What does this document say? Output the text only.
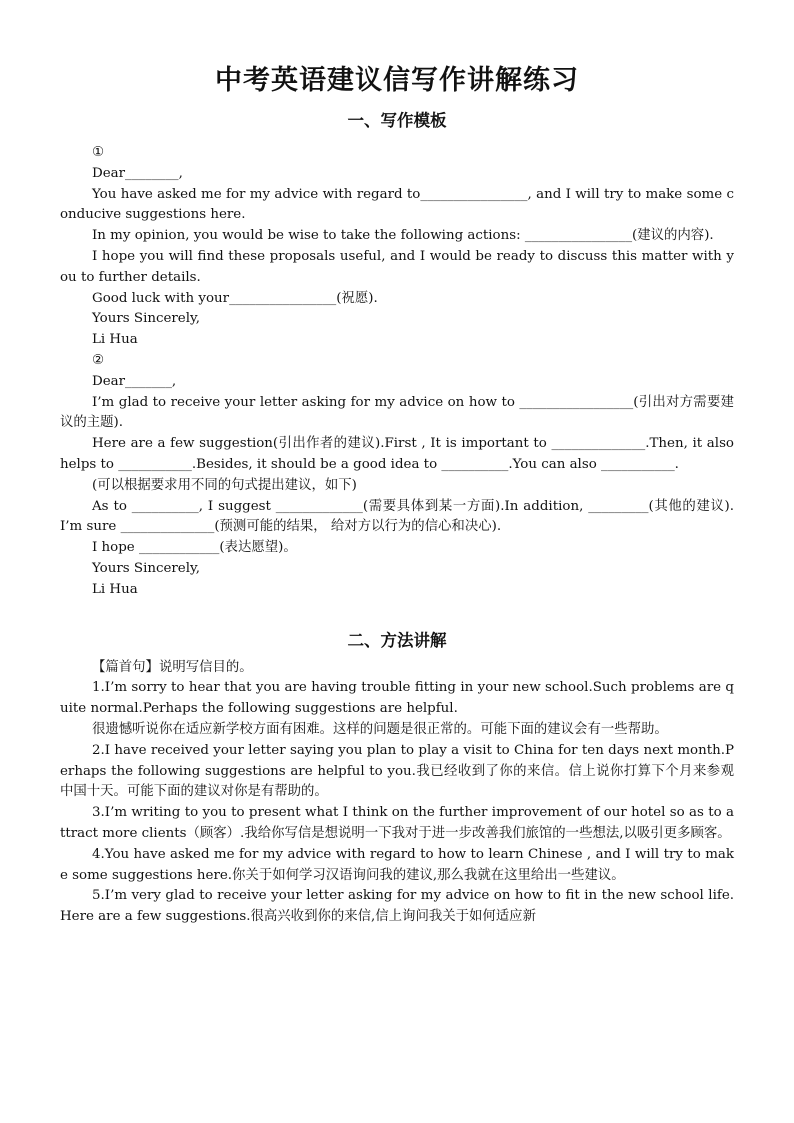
中考英语建议信写作讲解练习
一、写作模板

①

Dear________,

You have asked me for my advice with regard to________________, and I will try to make some conducive suggestions here.

In my opinion, you would be wise to take the following actions: ________________(建议的内容).

I hope you will find these proposals useful, and I would be ready to discuss this matter with you to further details.

Good luck with your________________(祝愿).

Yours Sincerely,

Li Hua

②

Dear_______,

I’m glad to receive your letter asking for my advice on how to _________________(引出对方需要建议的主题).

Here are a few suggestion(引出作者的建议).First , It is important to ______________.Then, it also helps to ___________.Besides, it should be a good idea to __________.You can also ___________.

(可以根据要求用不同的句式提出建议，如下)

As to __________, I suggest _____________(需要具体到某一方面).In addition, _________(其他的建议).I’m sure ______________(预测可能的结果， 给对方以行为的信心和决心).

I hope ____________(表达愿望)。

Yours Sincerely,

Li Hua

二、方法讲解

【篇首句】说明写信目的。

1.I’m sorry to hear that you are having trouble fitting in your new school.Such problems are quite normal.Perhaps the following suggestions are helpful.

很遗憾听说你在适应新学校方面有困难。这样的问题是很正常的。可能下面的建议会有一些帮助。

2.I have received your letter saying you plan to play a visit to China for ten days next month.Perhaps the following suggestions are helpful to you.我已经收到了你的来信。信上说你打算下个月来参观中国十天。可能下面的建议对你是有帮助的。

3.I’m writing to you to present what I think on the further improvement of our hotel so as to attract more clients（顾客）.我给你写信是想说明一下我对于进一步改善我们旅馆的一些想法,以吸引更多顾客。

4.You have asked me for my advice with regard to how to learn Chinese , and I will try to make some suggestions here.你关于如何学习汉语询问我的建议,那么我就在这里给出一些建议。

5.I’m very glad to receive your letter asking for my advice on how to fit in the new school life.Here are a few suggestions.很高兴收到你的来信,信上询问我关于如何适应新
